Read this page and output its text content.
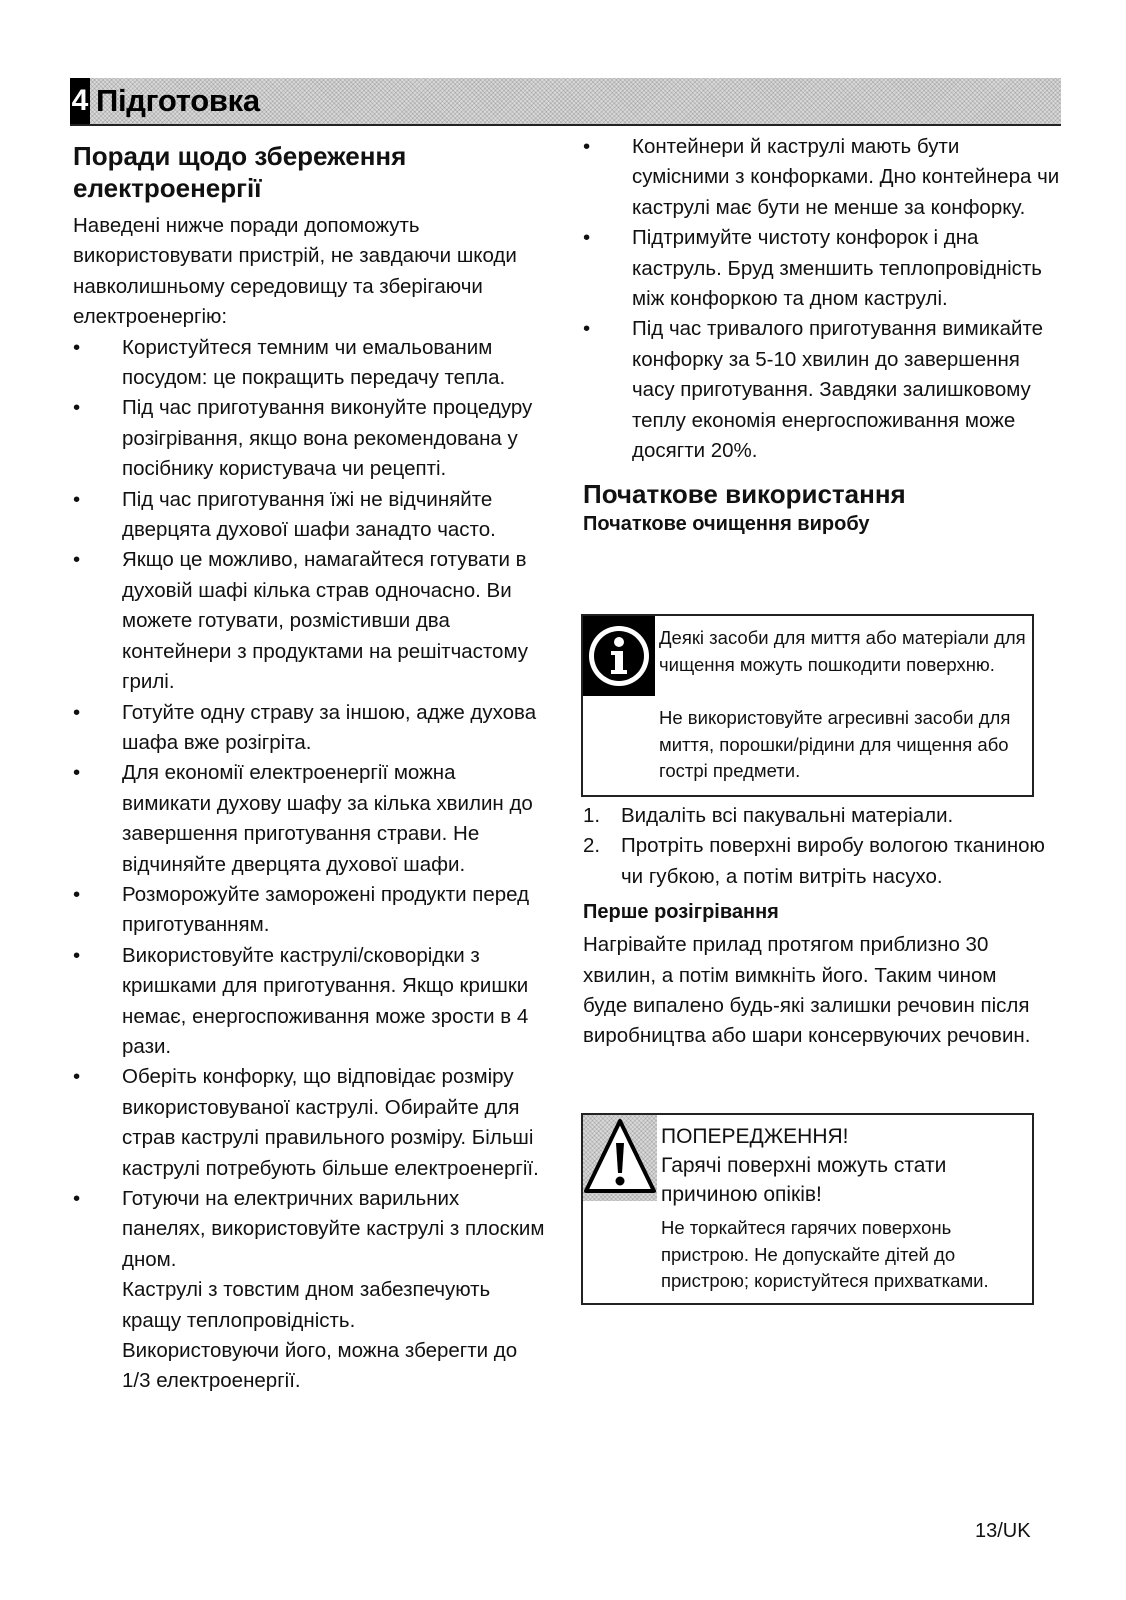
4 Підготовка
Поради щодо збереження електроенергії

Наведені нижче поради допоможуть використовувати пристрій, не завдаючи шкоди навколишньому середовищу та зберігаючи електроенергію:

•	Користуйтеся темним чи емальованим посудом: це покращить передачу тепла.
•	Під час приготування виконуйте процедуру розігрівання, якщо вона рекомендована у посібнику користувача чи рецепті.
•	Під час приготування їжі не відчиняйте дверцята духової шафи занадто часто.
•	Якщо це можливо, намагайтеся готувати в духовій шафі кілька страв одночасно. Ви можете готувати, розмістивши два контейнери з продуктами на решітчастому грилі.
•	Готуйте одну страву за іншою, адже духова шафа вже розігріта.
•	Для економії електроенергії можна вимикати духову шафу за кілька хвилин до завершення приготування страви. Не відчиняйте дверцята духової шафи.
•	Розморожуйте заморожені продукти перед приготуванням.
•	Використовуйте каструлі/сковорідки з кришками для приготування. Якщо кришки немає, енергоспоживання може зрости в 4 рази.
•	Оберіть конфорку, що відповідає розміру використовуваної каструлі. Обирайте для страв каструлі правильного розміру. Більші каструлі потребують більше електроенергії.
•	Готуючи на електричних варильних панелях, використовуйте каструлі з плоским дном.
Каструлі з товстим дном забезпечують кращу теплопровідність.
Використовуючи його, можна зберегти до 1/3 електроенергії.
•	Контейнери й каструлі мають бути сумісними з конфорками. Дно контейнера чи каструлі має бути не менше за конфорку.
•	Підтримуйте чистоту конфорок і дна каструль. Бруд зменшить теплопровідність між конфоркою та дном каструлі.
•	Під час тривалого приготування вимикайте конфорку за 5-10 хвилин до завершення часу приготування. Завдяки залишковому теплу економія енергоспоживання може досягти 20%.
Початкове використання
Початкове очищення виробу
Деякі засоби для миття або матеріали для чищення можуть пошкодити поверхню.
Не використовуйте агресивні засоби для миття, порошки/рідини для чищення або гострі предмети.
1. Видаліть всі пакувальні матеріали.
2. Протріть поверхні виробу вологою тканиною чи губкою, а потім витріть насухо.
Перше розігрівання

Нагрівайте прилад протягом приблизно 30 хвилин, а потім вимкніть його. Таким чином буде випалено будь-які залишки речовин після виробництва або шари консервуючих речовин.

ПОПЕРЕДЖЕННЯ!
Гарячі поверхні можуть стати причиною опіків!
Не торкайтеся гарячих поверхонь пристрою. Не допускайте дітей до пристрою; користуйтеся прихватками.
13/UK
